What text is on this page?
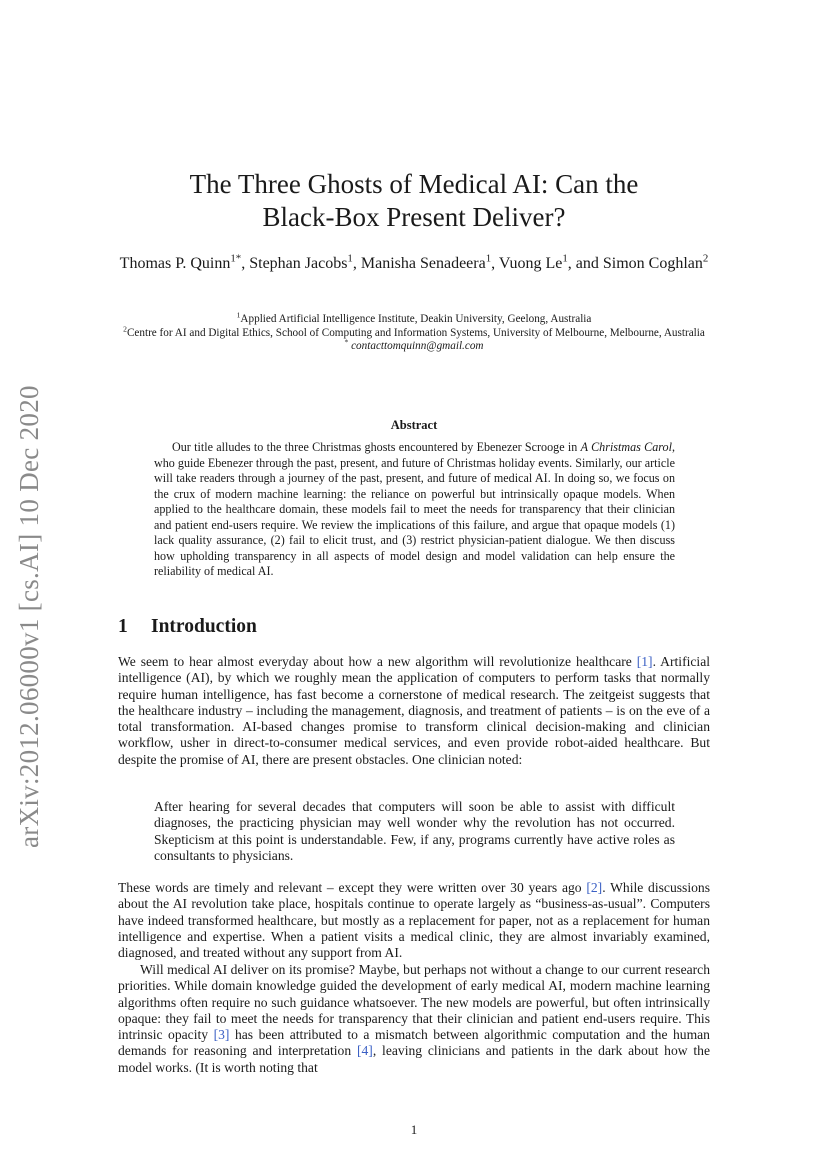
arXiv:2012.06000v1 [cs.AI] 10 Dec 2020
The Three Ghosts of Medical AI: Can the
Black-Box Present Deliver?
Thomas P. Quinn$^{1*}$, Stephan Jacobs$^1$, Manisha Senadeera$^1$, Vuong Le$^1$, and Simon Coghlan$^2$
$^1$Applied Artificial Intelligence Institute, Deakin University, Geelong, Australia
$^2$Centre for AI and Digital Ethics, School of Computing and Information Systems, University of Melbourne, Melbourne, Australia
* contacttomquinn@gmail.com
Abstract

Our title alludes to the three Christmas ghosts encountered by Ebenezer Scrooge in A Christmas Carol, who guide Ebenezer through the past, present, and future of Christmas holiday events. Similarly, our article will take readers through a journey of the past, present, and future of medical AI. In doing so, we focus on the crux of modern machine learning: the reliance on powerful but intrinsically opaque models. When applied to the healthcare domain, these models fail to meet the needs for transparency that their clinician and patient end-users require. We review the implications of this failure, and argue that opaque models (1) lack quality assurance, (2) fail to elicit trust, and (3) restrict physician-patient dialogue. We then discuss how upholding transparency in all aspects of model design and model validation can help ensure the reliability of medical AI.

1 Introduction

We seem to hear almost everyday about how a new algorithm will revolutionize healthcare [1]. Artificial intelligence (AI), by which we roughly mean the application of computers to perform tasks that normally require human intelligence, has fast become a cornerstone of medical research. The zeitgeist suggests that the healthcare industry – including the management, diagnosis, and treatment of patients – is on the eve of a total transformation. AI-based changes promise to transform clinical decision-making and clinician workflow, usher in direct-to-consumer medical services, and even provide robot-aided healthcare. But despite the promise of AI, there are present obstacles. One clinician noted:

After hearing for several decades that computers will soon be able to assist with difficult diagnoses, the practicing physician may well wonder why the revolution has not occurred. Skepticism at this point is understandable. Few, if any, programs currently have active roles as consultants to physicians.

These words are timely and relevant – except they were written over 30 years ago [2]. While discussions about the AI revolution take place, hospitals continue to operate largely as “business-as-usual”. Computers have indeed transformed healthcare, but mostly as a replacement for paper, not as a replacement for human intelligence and expertise. When a patient visits a medical clinic, they are almost invariably examined, diagnosed, and treated without any support from AI.

Will medical AI deliver on its promise? Maybe, but perhaps not without a change to our current research priorities. While domain knowledge guided the development of early medical AI, modern machine learning algorithms often require no such guidance whatsoever. The new models are powerful, but often intrinsically opaque: they fail to meet the needs for transparency that their clinician and patient end-users require. This intrinsic opacity [3] has been attributed to a mismatch between algorithmic computation and the human demands for reasoning and interpretation [4], leaving clinicians and patients in the dark about how the model works. (It is worth noting that

1
